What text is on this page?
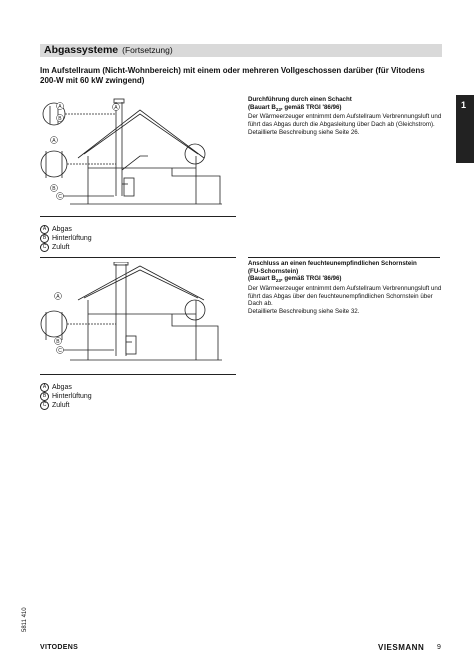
Abgassysteme (Fortsetzung)
1
Im Aufstellraum (Nicht-Wohnbereich) mit einem oder mehreren Vollgeschossen darüber (für Vitodens 200-W mit 60 kW zwingend)
A
B
A
A
B
C
A Abgas
B Hinterlüftung
C Zuluft
Durchführung durch einen Schacht
(Bauart $B_{23}$, gemäß TRGI '86/96)
Der Wärmeerzeuger entnimmt dem Aufstellraum Verbrennungsluft und führt das Abgas durch die Abgasleitung über Dach ab (Gleichstrom).
Detaillierte Beschreibung siehe Seite 26.
A
B
C
A Abgas
B Hinterlüftung
C Zuluft
Anschluss an einen feuchteunempfindlichen Schornstein
(FU-Schornstein)
(Bauart $B_{23}$, gemäß TRGI '86/96)
Der Wärmeerzeuger entnimmt dem Aufstellraum Verbrennungsluft und führt das Abgas über den feuchteunempfindlichen Schornstein über Dach ab.
Detaillierte Beschreibung siehe Seite 32.
5811 410
VITODENS	VIESMANN 9
